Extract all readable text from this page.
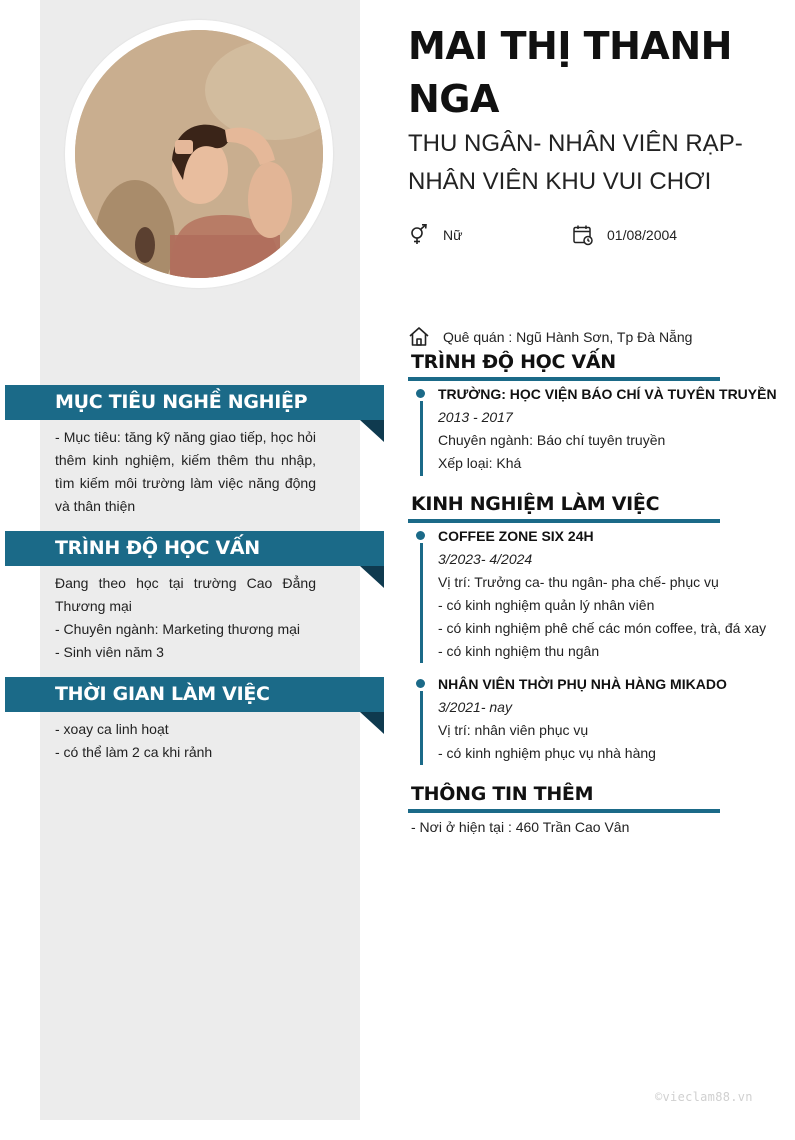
MỤC TIÊU NGHỀ NGHIỆP

- Mục tiêu: tăng kỹ năng giao tiếp, học hỏi thêm kinh nghiệm, kiếm thêm thu nhập, tìm kiếm môi trường làm việc năng động và thân thiện

TRÌNH ĐỘ HỌC VẤN

Đang theo học tại trường Cao Đẳng Thương mại

- Chuyên ngành: Marketing thương mại

- Sinh viên năm 3

THỜI GIAN LÀM VIỆC

- xoay ca linh hoạt

- có thể làm 2 ca khi rảnh

MAI THỊ THANH NGA
THU NGÂN- NHÂN VIÊN RẠP- NHÂN VIÊN KHU VUI CHƠI
Nữ	01/08/2004
Quê quán : Ngũ Hành Sơn, Tp Đà Nẵng
TRÌNH ĐỘ HỌC VẤN
TRƯỜNG: HỌC VIỆN BÁO CHÍ VÀ TUYÊN TRUYỀN
2013 - 2017
Chuyên ngành: Báo chí tuyên truyền
Xếp loại: Khá
KINH NGHIỆM LÀM VIỆC
COFFEE ZONE SIX 24H
3/2023- 4/2024
Vị trí: Trưởng ca- thu ngân- pha chế- phục vụ
- có kinh nghiệm quản lý nhân viên
- có kinh nghiệm phê chế các món coffee, trà, đá xay
- có kinh nghiệm thu ngân
NHÂN VIÊN THỜI PHỤ NHÀ HÀNG MIKADO
3/2021- nay
Vị trí: nhân viên phục vụ
- có kinh nghiệm phục vụ nhà hàng
THÔNG TIN THÊM
- Nơi ở hiện tại : 460 Trần Cao Vân
©vieclam88.vn
